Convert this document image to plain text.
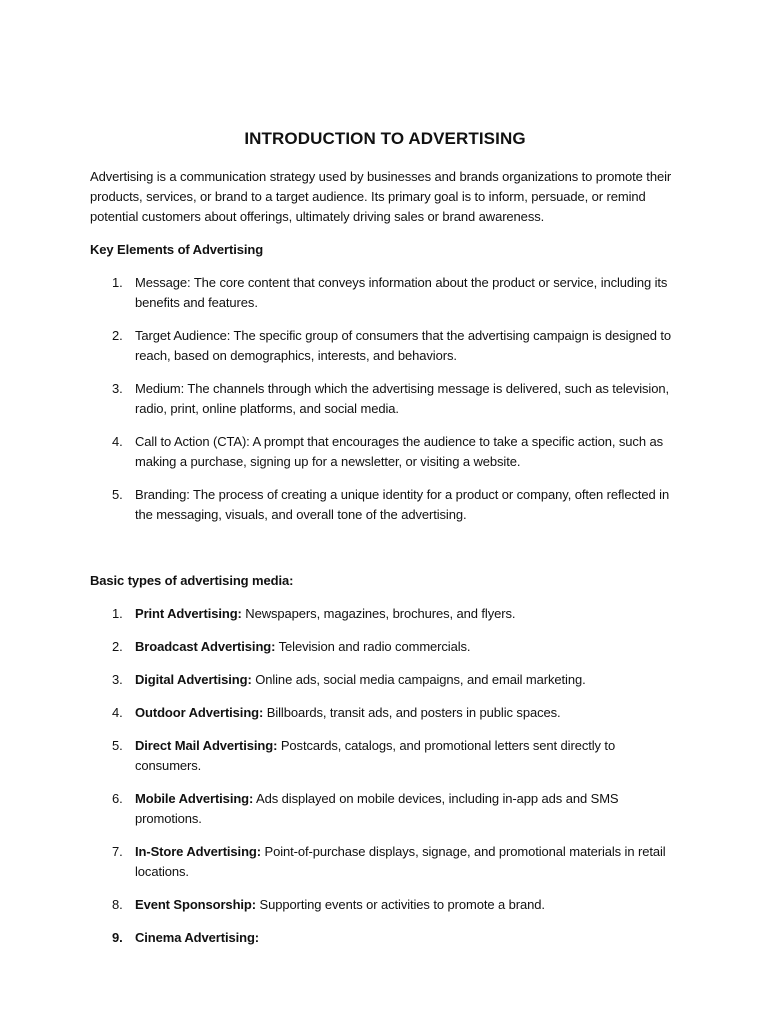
INTRODUCTION TO ADVERTISING

Advertising is a communication strategy used by businesses and brands organizations to promote their products, services, or brand to a target audience. Its primary goal is to inform, persuade, or remind potential customers about offerings, ultimately driving sales or brand awareness.

Key Elements of Advertising
1. Message: The core content that conveys information about the product or service, including its benefits and features.
2. Target Audience: The specific group of consumers that the advertising campaign is designed to reach, based on demographics, interests, and behaviors.
3. Medium: The channels through which the advertising message is delivered, such as television, radio, print, online platforms, and social media.
4. Call to Action (CTA): A prompt that encourages the audience to take a specific action, such as making a purchase, signing up for a newsletter, or visiting a website.
5. Branding: The process of creating a unique identity for a product or company, often reflected in the messaging, visuals, and overall tone of the advertising.
Basic types of advertising media:
1. Print Advertising: Newspapers, magazines, brochures, and flyers.
2. Broadcast Advertising: Television and radio commercials.
3. Digital Advertising: Online ads, social media campaigns, and email marketing.
4. Outdoor Advertising: Billboards, transit ads, and posters in public spaces.
5. Direct Mail Advertising: Postcards, catalogs, and promotional letters sent directly to consumers.
6. Mobile Advertising: Ads displayed on mobile devices, including in-app ads and SMS promotions.
7. In-Store Advertising: Point-of-purchase displays, signage, and promotional materials in retail locations.
8. Event Sponsorship: Supporting events or activities to promote a brand.
9. Cinema Advertising:
